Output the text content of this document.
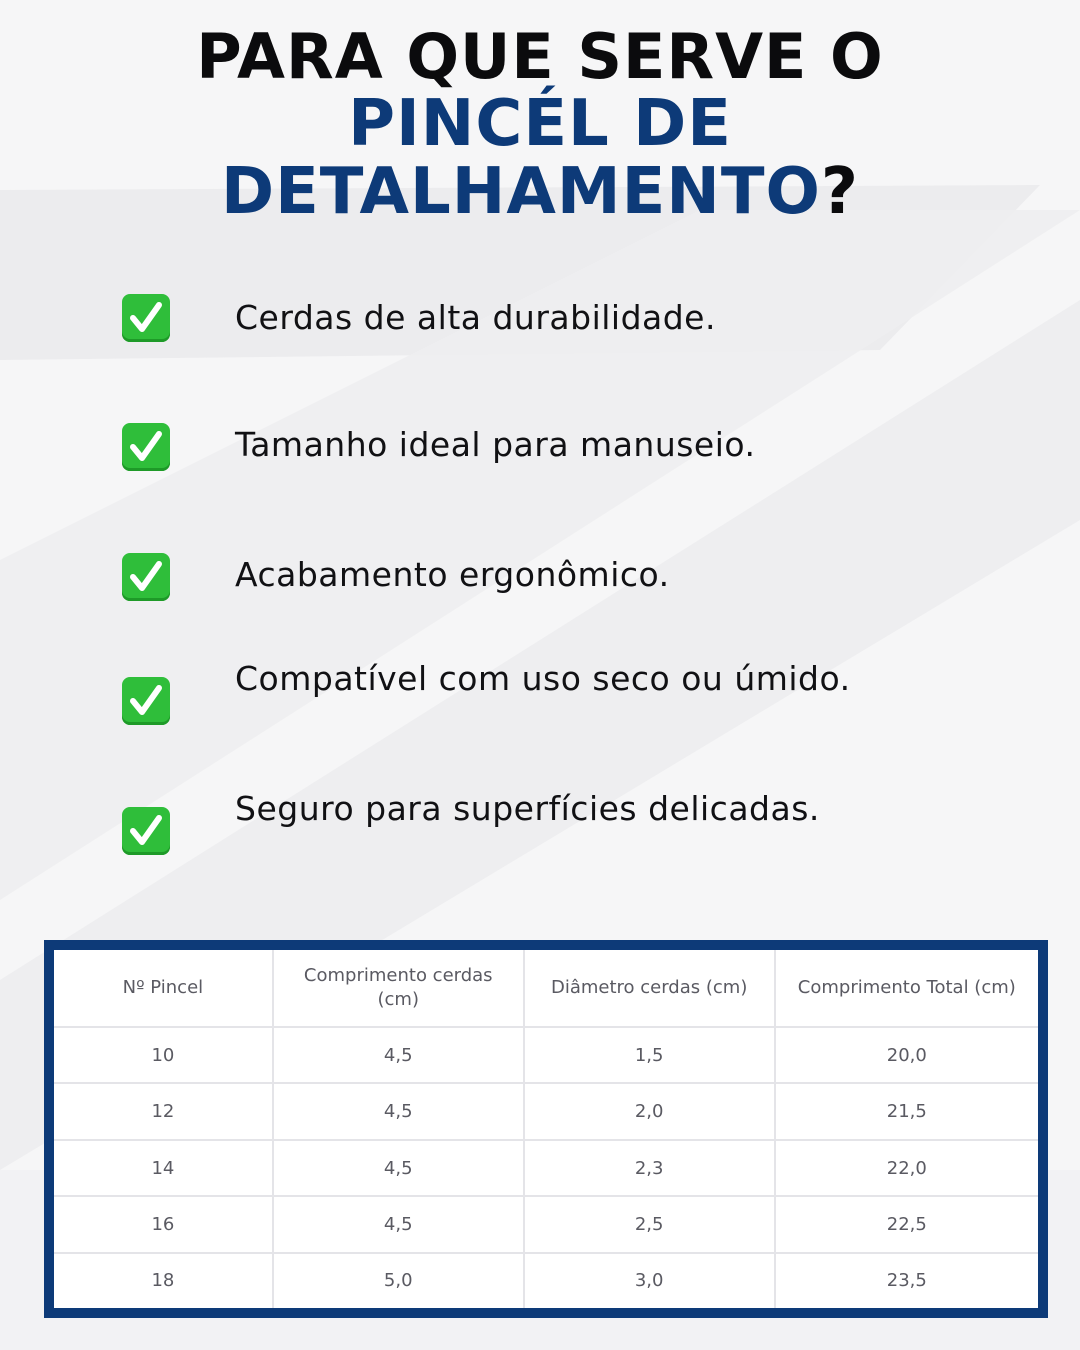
PARA QUE SERVE O
PINCÉL DE
DETALHAMENTO?
Cerdas de alta durabilidade.
Tamanho ideal para manuseio.
Acabamento ergonômico.
Compatível com uso seco ou úmido.
Seguro para superfícies delicadas.
Nº Pincel	Comprimento cerdas (cm)	Diâmetro cerdas (cm)	Comprimento Total (cm)
10	4,5	1,5	20,0
12	4,5	2,0	21,5
14	4,5	2,3	22,0
16	4,5	2,5	22,5
18	5,0	3,0	23,5
